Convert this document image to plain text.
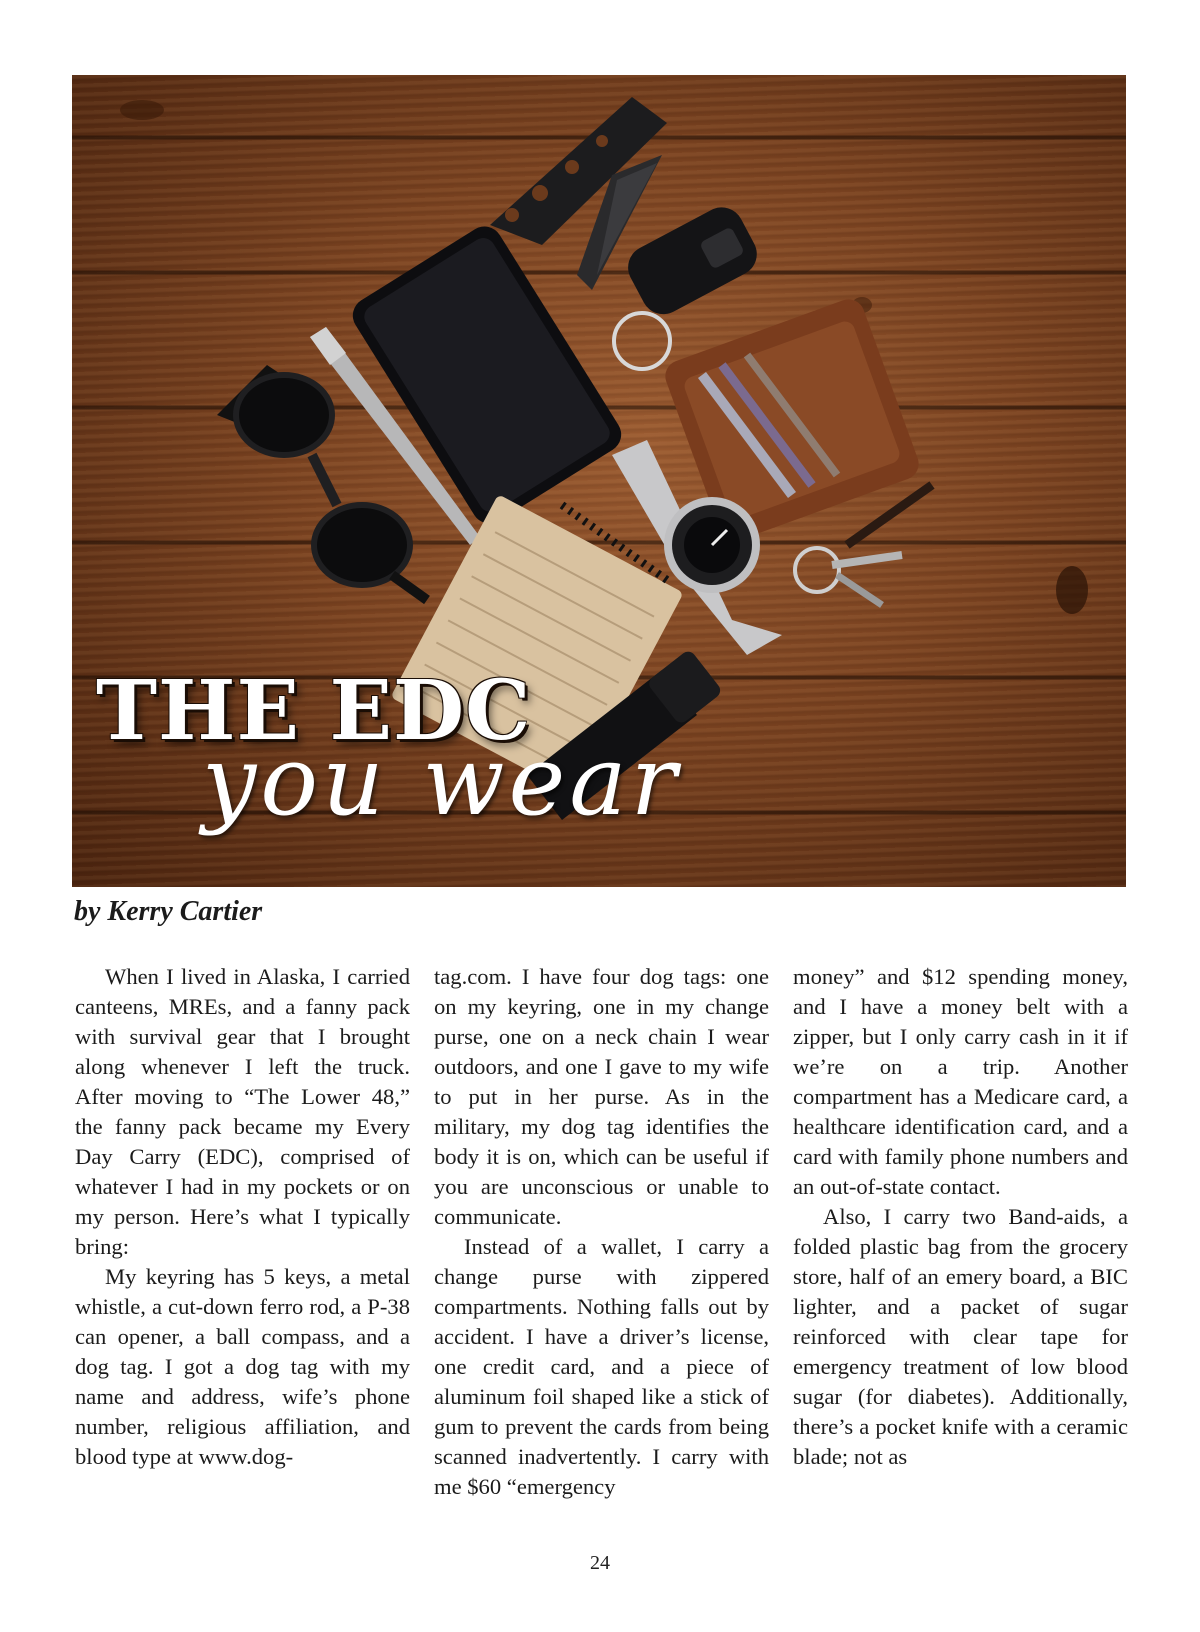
THE EDC
you wear

by Kerry Cartier

When I lived in Alaska, I carried canteens, MREs, and a fanny pack with survival gear that I brought along whenever I left the truck. After moving to “The Lower 48,” the fanny pack became my Every Day Carry (EDC), comprised of whatever I had in my pockets or on my person. Here’s what I typically bring:

My keyring has 5 keys, a metal whistle, a cut-down ferro rod, a P-38 can opener, a ball compass, and a dog tag. I got a dog tag with my name and address, wife’s phone number, religious affiliation, and blood type at www.dog-

tag.com. I have four dog tags: one on my keyring, one in my change purse, one on a neck chain I wear outdoors, and one I gave to my wife to put in her purse. As in the military, my dog tag identifies the body it is on, which can be useful if you are unconscious or unable to communicate.

Instead of a wallet, I carry a change purse with zippered compartments. Nothing falls out by accident. I have a driver’s license, one credit card, and a piece of aluminum foil shaped like a stick of gum to prevent the cards from being scanned inadvertently. I carry with me $60 “emergency

money” and $12 spending money, and I have a money belt with a zipper, but I only carry cash in it if we’re on a trip. Another compartment has a Medicare card, a healthcare identification card, and a card with family phone numbers and an out-of-state contact.

Also, I carry two Band-aids, a folded plastic bag from the grocery store, half of an emery board, a BIC lighter, and a packet of sugar reinforced with clear tape for emergency treatment of low blood sugar (for diabetes). Additionally, there’s a pocket knife with a ceramic blade; not as

24
